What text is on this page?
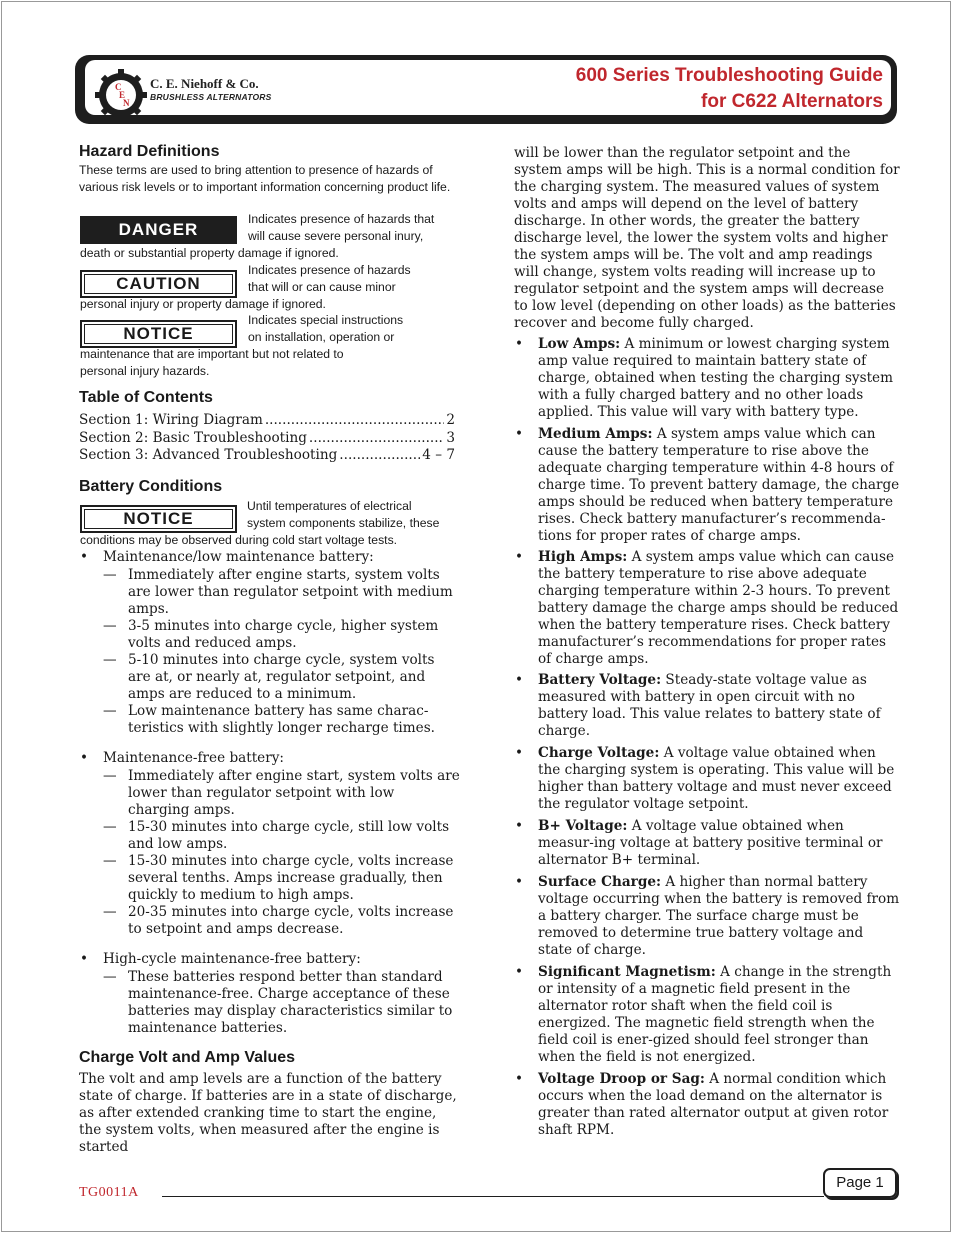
C
E
N
C. E. Niehoff & Co.
BRUSHLESS ALTERNATORS
600 Series Troubleshooting Guide
for C622 Alternators
Hazard Definitions
These terms are used to bring attention to presence of hazards of various risk levels or to important information concerning product life.
DANGER
Indicates presence of hazards that
will cause severe personal inury,
death or substantial property damage if ignored.
CAUTION
Indicates presence of hazards
that will or can cause minor
personal injury or property damage if ignored.
NOTICE
Indicates special instructions
on installation, operation or
maintenance that are important but not related to
personal injury hazards.
Table of Contents
Section 1: Wiring Diagram .....	2
Section 2: Basic Troubleshooting .....	3
Section 3: Advanced Troubleshooting .....	4 – 7
Battery Conditions
NOTICE
Until temperatures of electrical
system components stabilize, these
conditions may be observed during cold start voltage tests.
• Maintenance/low maintenance battery:
— Immediately after engine starts, system volts are lower than regulator setpoint with medium amps.
— 3-5 minutes into charge cycle, higher system volts and reduced amps.
— 5-10 minutes into charge cycle, system volts are at, or nearly at, regulator setpoint, and amps are reduced to a minimum.
— Low maintenance battery has same charac-teristics with slightly longer recharge times.
• Maintenance-free battery:
— Immediately after engine start, system volts are lower than regulator setpoint with low charging amps.
— 15-30 minutes into charge cycle, still low volts and low amps.
— 15-30 minutes into charge cycle, volts increase several tenths. Amps increase gradually, then quickly to medium to high amps.
— 20-35 minutes into charge cycle, volts increase to setpoint and amps decrease.
• High-cycle maintenance-free battery:
— These batteries respond better than standard maintenance-free. Charge acceptance of these batteries may display characteristics similar to maintenance batteries.
Charge Volt and Amp Values
The volt and amp levels are a function of the battery state of charge. If batteries are in a state of discharge, as after extended cranking time to start the engine, the system volts, when measured after the engine is started
will be lower than the regulator setpoint and the system amps will be high. This is a normal condition for the charging system. The measured values of system volts and amps will depend on the level of battery discharge. In other words, the greater the battery discharge level, the lower the system volts and higher the system amps will be. The volt and amp readings will change, system volts reading will increase up to regulator setpoint and the system amps will decrease to low level (depending on other loads) as the batteries recover and become fully charged.
• Low Amps: A minimum or lowest charging system amp value required to maintain battery state of charge, obtained when testing the charging system with a fully charged battery and no other loads applied. This value will vary with battery type.
• Medium Amps: A system amps value which can cause the battery temperature to rise above the adequate charging temperature within 4-8 hours of charge time. To prevent battery damage, the charge amps should be reduced when battery temperature rises. Check battery manufacturer’s recommenda-tions for proper rates of charge amps.
• High Amps: A system amps value which can cause the battery temperature to rise above adequate charging temperature within 2-3 hours. To prevent battery damage the charge amps should be reduced when the battery temperature rises. Check battery manufacturer’s recommendations for proper rates of charge amps.
• Battery Voltage: Steady-state voltage value as measured with battery in open circuit with no battery load. This value relates to battery state of charge.
• Charge Voltage: A voltage value obtained when the charging system is operating. This value will be higher than battery voltage and must never exceed the regulator voltage setpoint.
• B+ Voltage: A voltage value obtained when measur-ing voltage at battery positive terminal or alternator B+ terminal.
• Surface Charge: A higher than normal battery voltage occurring when the battery is removed from a battery charger. The surface charge must be removed to determine true battery voltage and state of charge.
• Significant Magnetism: A change in the strength or intensity of a magnetic field present in the alternator rotor shaft when the field coil is energized. The magnetic field strength when the field coil is ener-gized should feel stronger than when the field is not energized.
• Voltage Droop or Sag: A normal condition which occurs when the load demand on the alternator is greater than rated alternator output at given rotor shaft RPM.
TG0011A
Page 1
